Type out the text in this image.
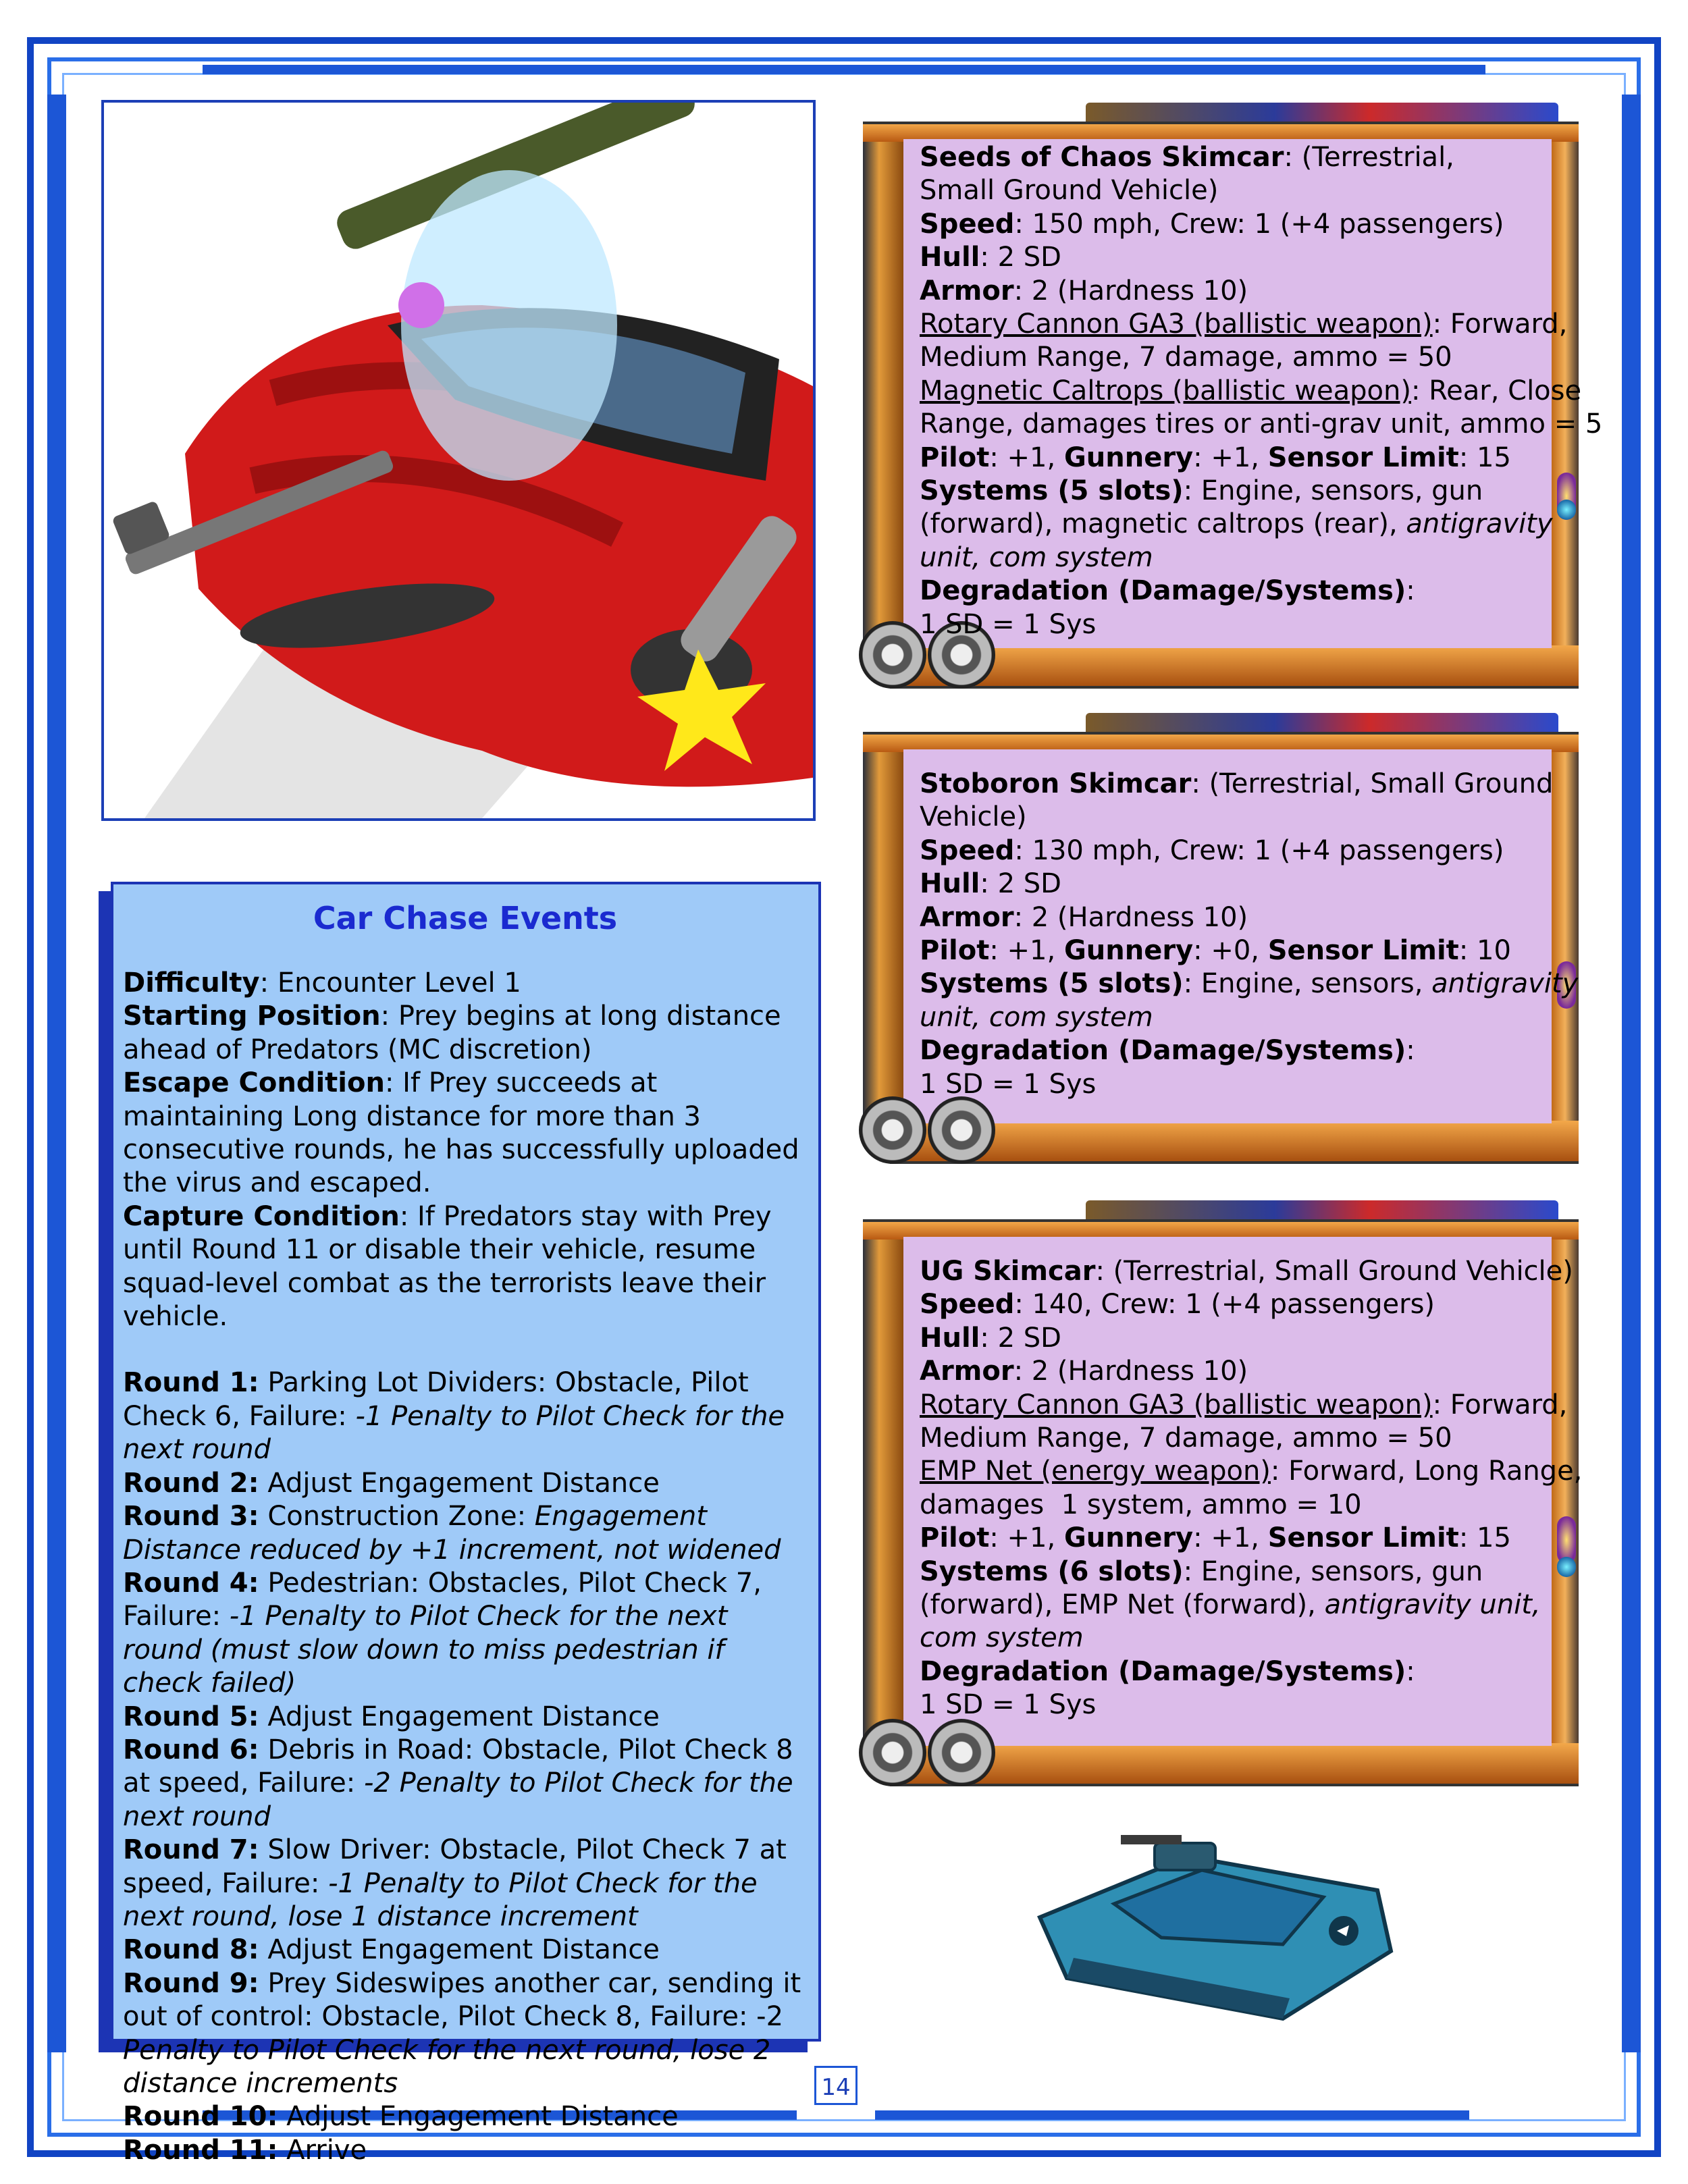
Car Chase Events

Difficulty: Encounter Level 1

Starting Position: Prey begins at long distance ahead of Predators (MC discretion)

Escape Condition: If Prey succeeds at maintaining Long distance for more than 3 consecutive rounds, he has successfully uploaded the virus and escaped.

Capture Condition: If Predators stay with Prey until Round 11 or disable their vehicle, resume squad-level combat as the terrorists leave their vehicle.

Round 1: Parking Lot Dividers: Obstacle, Pilot Check 6, Failure: -1 Penalty to Pilot Check for the next round

Round 2: Adjust Engagement Distance

Round 3: Construction Zone: Engagement Distance reduced by +1 increment, not widened

Round 4: Pedestrian: Obstacles, Pilot Check 7, Failure: -1 Penalty to Pilot Check for the next round (must slow down to miss pedestrian if check failed)

Round 5: Adjust Engagement Distance

Round 6: Debris in Road: Obstacle, Pilot Check 8 at speed, Failure: -2 Penalty to Pilot Check for the next round

Round 7: Slow Driver: Obstacle, Pilot Check 7 at speed, Failure: -1 Penalty to Pilot Check for the next round, lose 1 distance increment

Round 8: Adjust Engagement Distance

Round 9: Prey Sideswipes another car, sending it out of control: Obstacle, Pilot Check 8, Failure: -2 Penalty to Pilot Check for the next round, lose 2 distance increments

Round 10: Adjust Engagement Distance

Round 11: Arrive

Seeds of Chaos Skimcar: (Terrestrial,

Small Ground Vehicle)

Speed: 150 mph, Crew: 1 (+4 passengers)

Hull: 2 SD

Armor: 2 (Hardness 10)

Rotary Cannon GA3 (ballistic weapon): Forward,

Medium Range, 7 damage, ammo = 50

Magnetic Caltrops (ballistic weapon): Rear, Close

Range, damages tires or anti-grav unit, ammo = 5

Pilot: +1, Gunnery: +1, Sensor Limit: 15

Systems (5 slots): Engine, sensors, gun

(forward), magnetic caltrops (rear), antigravity

unit, com system

Degradation (Damage/Systems):

1 SD = 1 Sys

Stoboron Skimcar: (Terrestrial, Small Ground

Vehicle)

Speed: 130 mph, Crew: 1 (+4 passengers)

Hull: 2 SD

Armor: 2 (Hardness 10)

Pilot: +1, Gunnery: +0, Sensor Limit: 10

Systems (5 slots): Engine, sensors, antigravity

unit, com system

Degradation (Damage/Systems):

1 SD = 1 Sys

UG Skimcar: (Terrestrial, Small Ground Vehicle)

Speed: 140, Crew: 1 (+4 passengers)

Hull: 2 SD

Armor: 2 (Hardness 10)

Rotary Cannon GA3 (ballistic weapon): Forward,

Medium Range, 7 damage, ammo = 50

EMP Net (energy weapon): Forward, Long Range,

damages  1 system, ammo = 10

Pilot: +1, Gunnery: +1, Sensor Limit: 15

Systems (6 slots): Engine, sensors, gun

(forward), EMP Net (forward), antigravity unit,

com system

Degradation (Damage/Systems):

1 SD = 1 Sys

14
